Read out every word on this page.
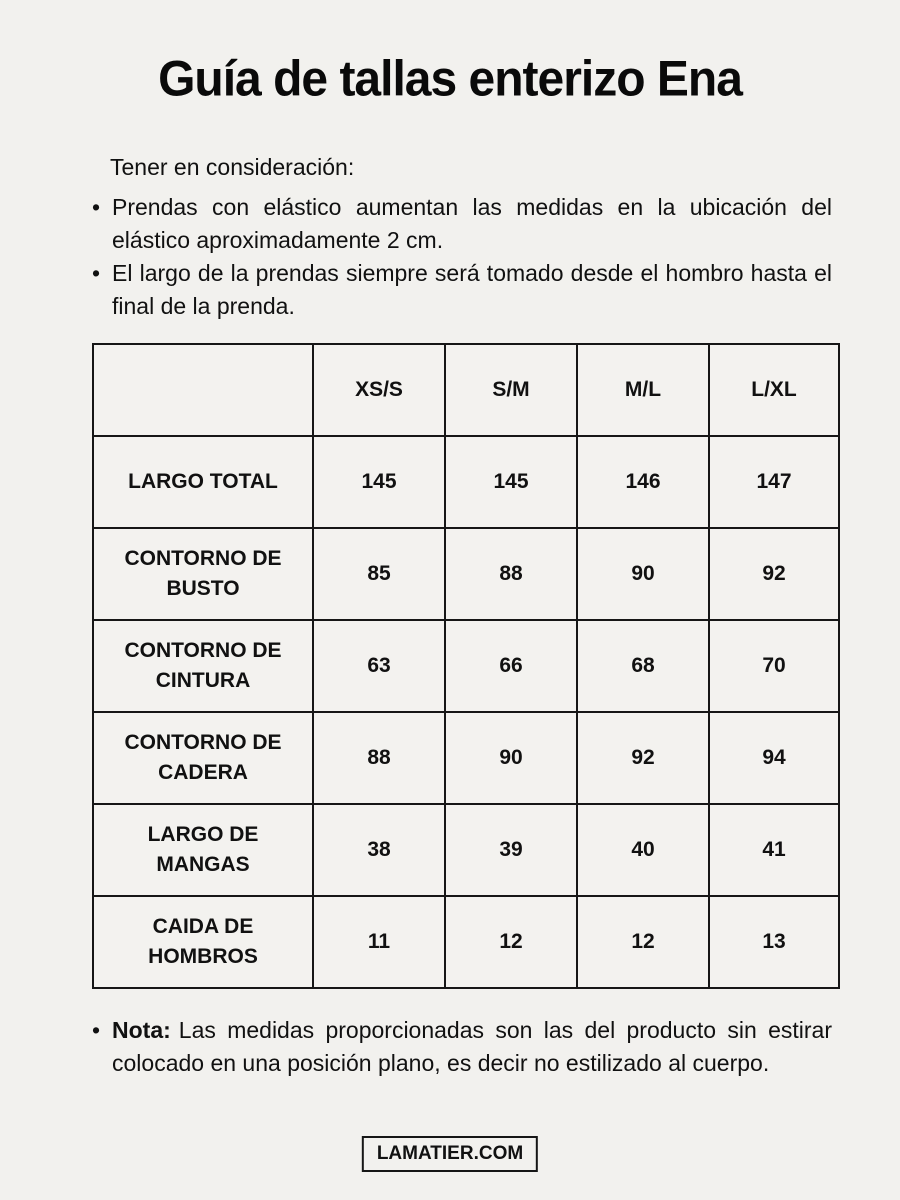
Guía de tallas enterizo Ena
Tener en consideración:
• Prendas con elástico aumentan las medidas en la ubicación del elástico aproximadamente 2 cm.
• El largo de la prendas siempre será tomado desde el hombro hasta el final de la prenda.
	XS/S	S/M	M/L	L/XL
LARGO TOTAL	145	145	146	147
CONTORNO DE BUSTO	85	88	90	92
CONTORNO DE CINTURA	63	66	68	70
CONTORNO DE CADERA	88	90	92	94
LARGO DE MANGAS	38	39	40	41
CAIDA DE HOMBROS	11	12	12	13
• Nota: Las medidas proporcionadas son las del producto sin estirar colocado en una posición plano, es decir no estilizado al cuerpo.
LAMATIER.COM
